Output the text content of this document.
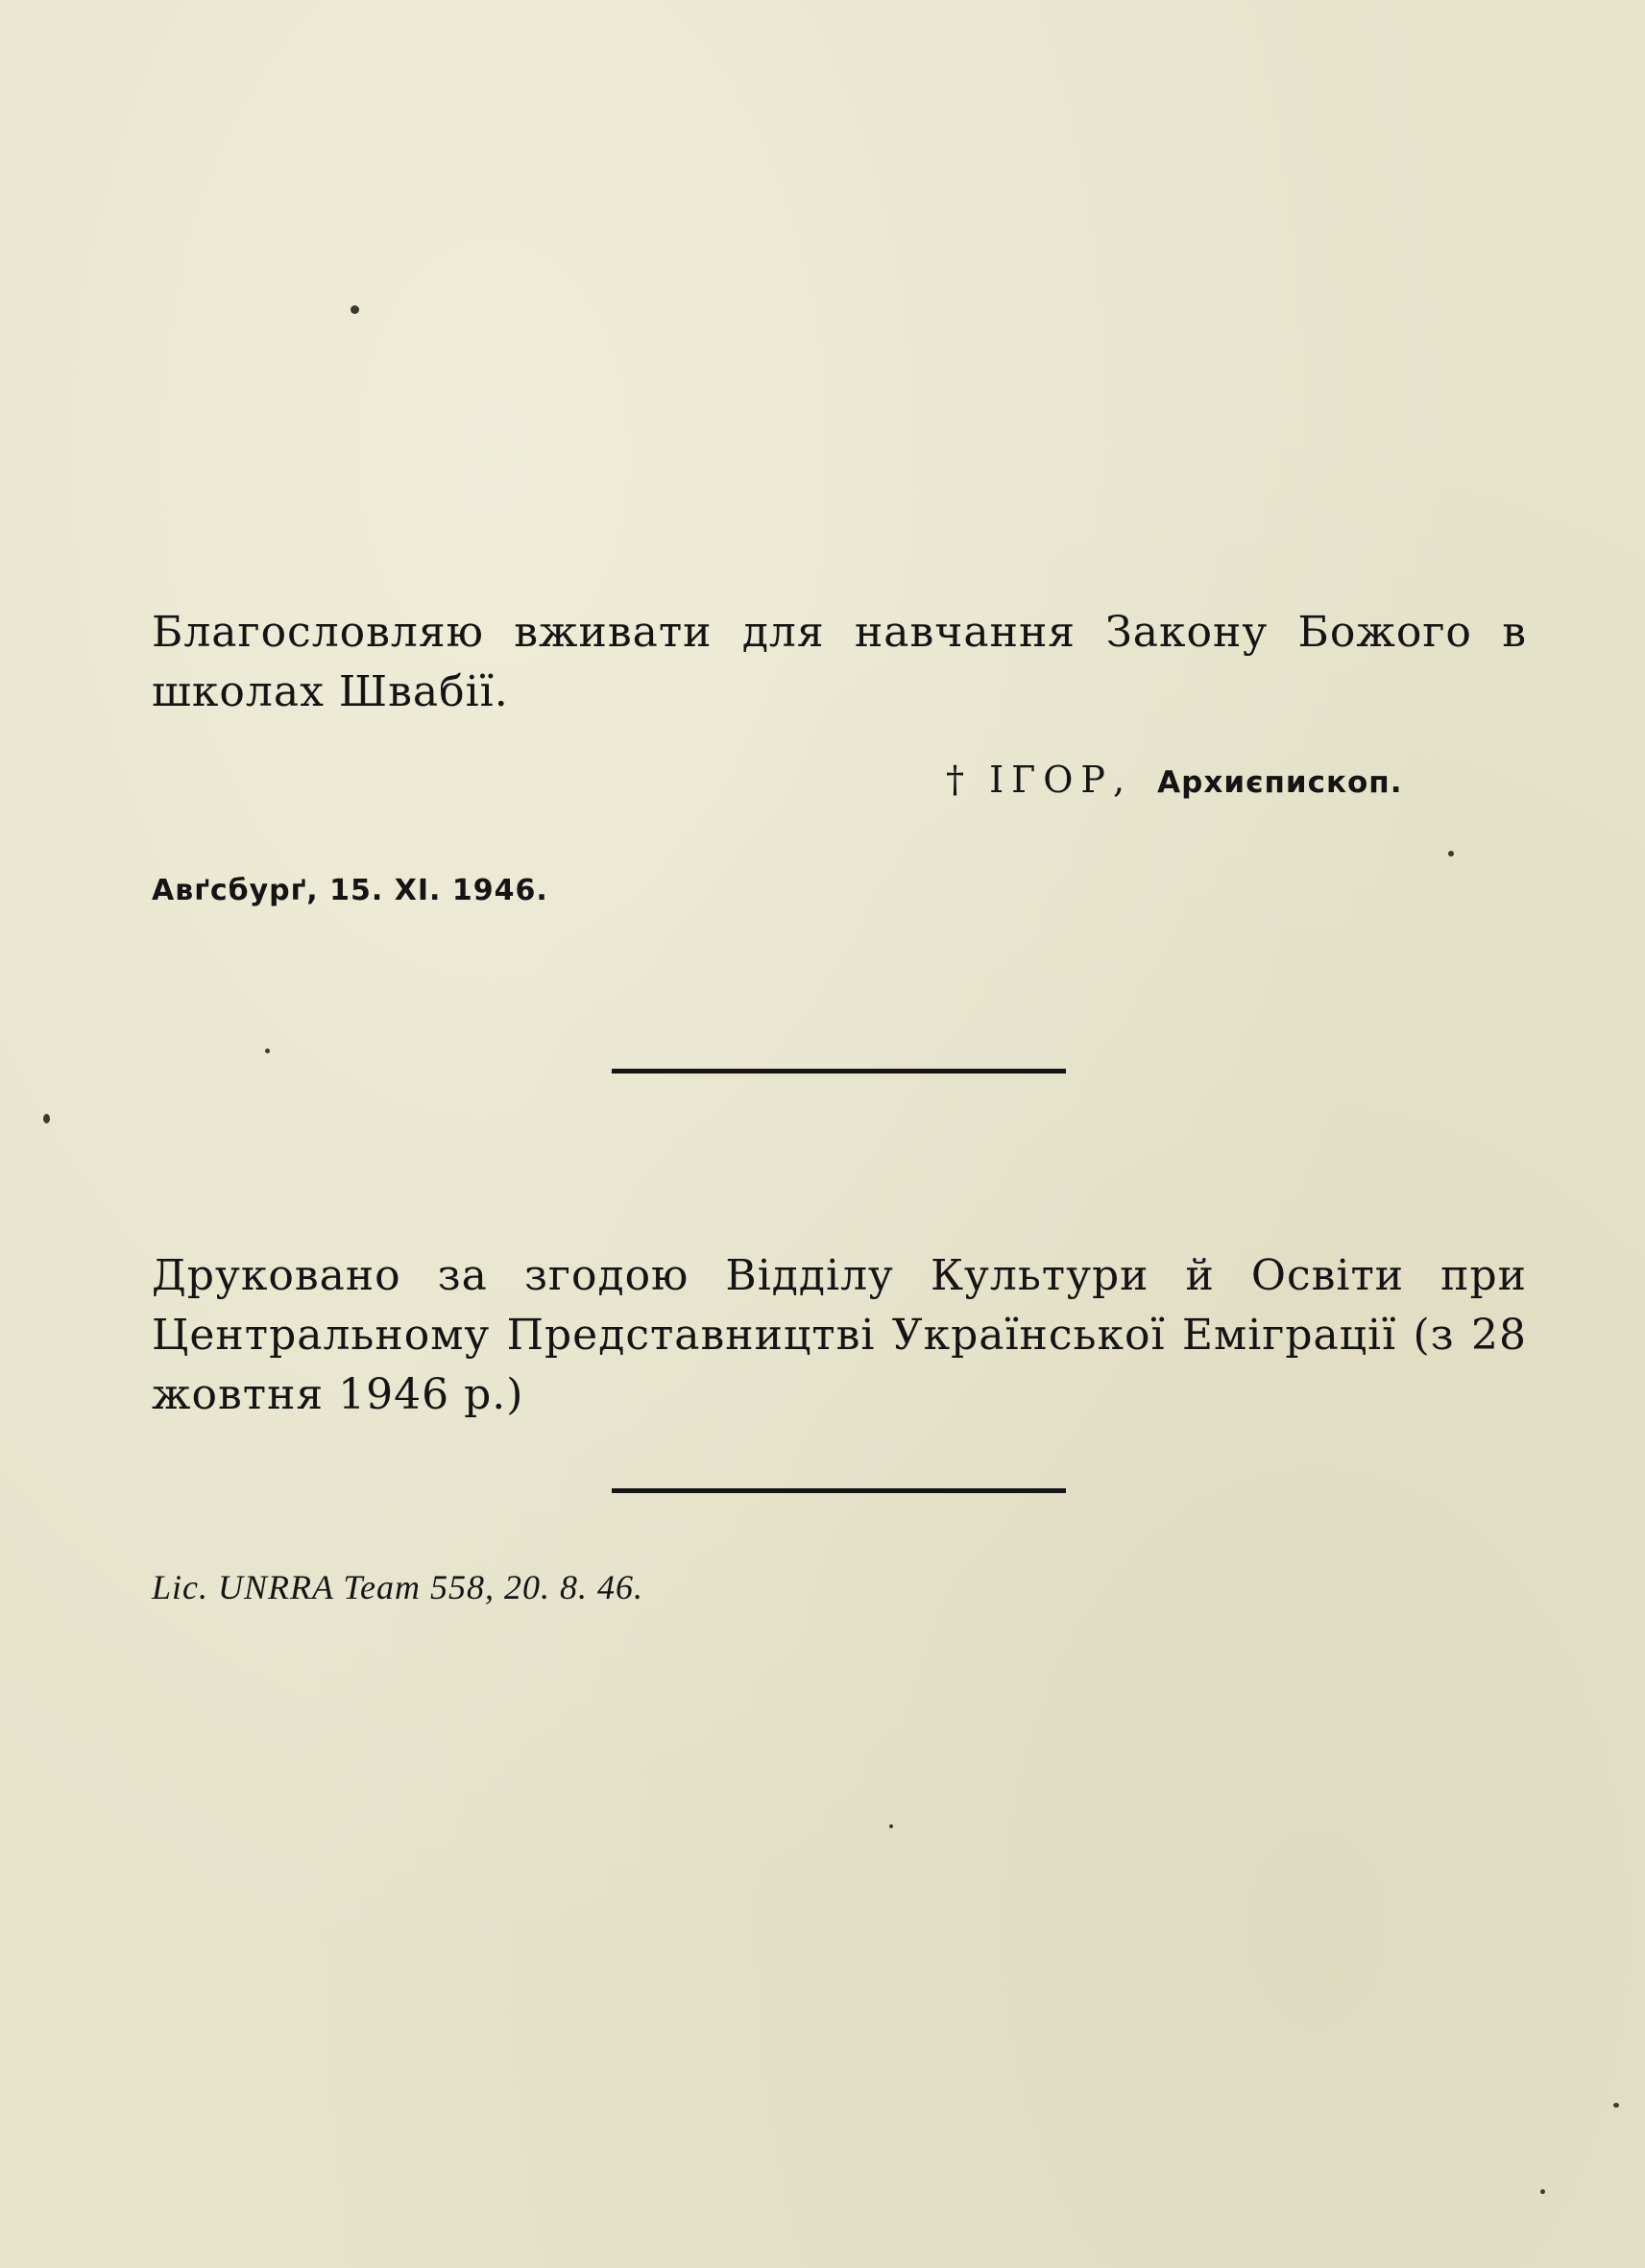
Благословляю вживати для навчання Закону Божого в школах Швабії.
† ІГОР, Архиєпископ.
Авґсбурґ, 15. XI. 1946.
Друковано за згодою Відділу Культури й Освіти при Центральному Представництві Української Еміграції (з 28 жовтня 1946 р.)
Lic. UNRRA Team 558, 20. 8. 46.
